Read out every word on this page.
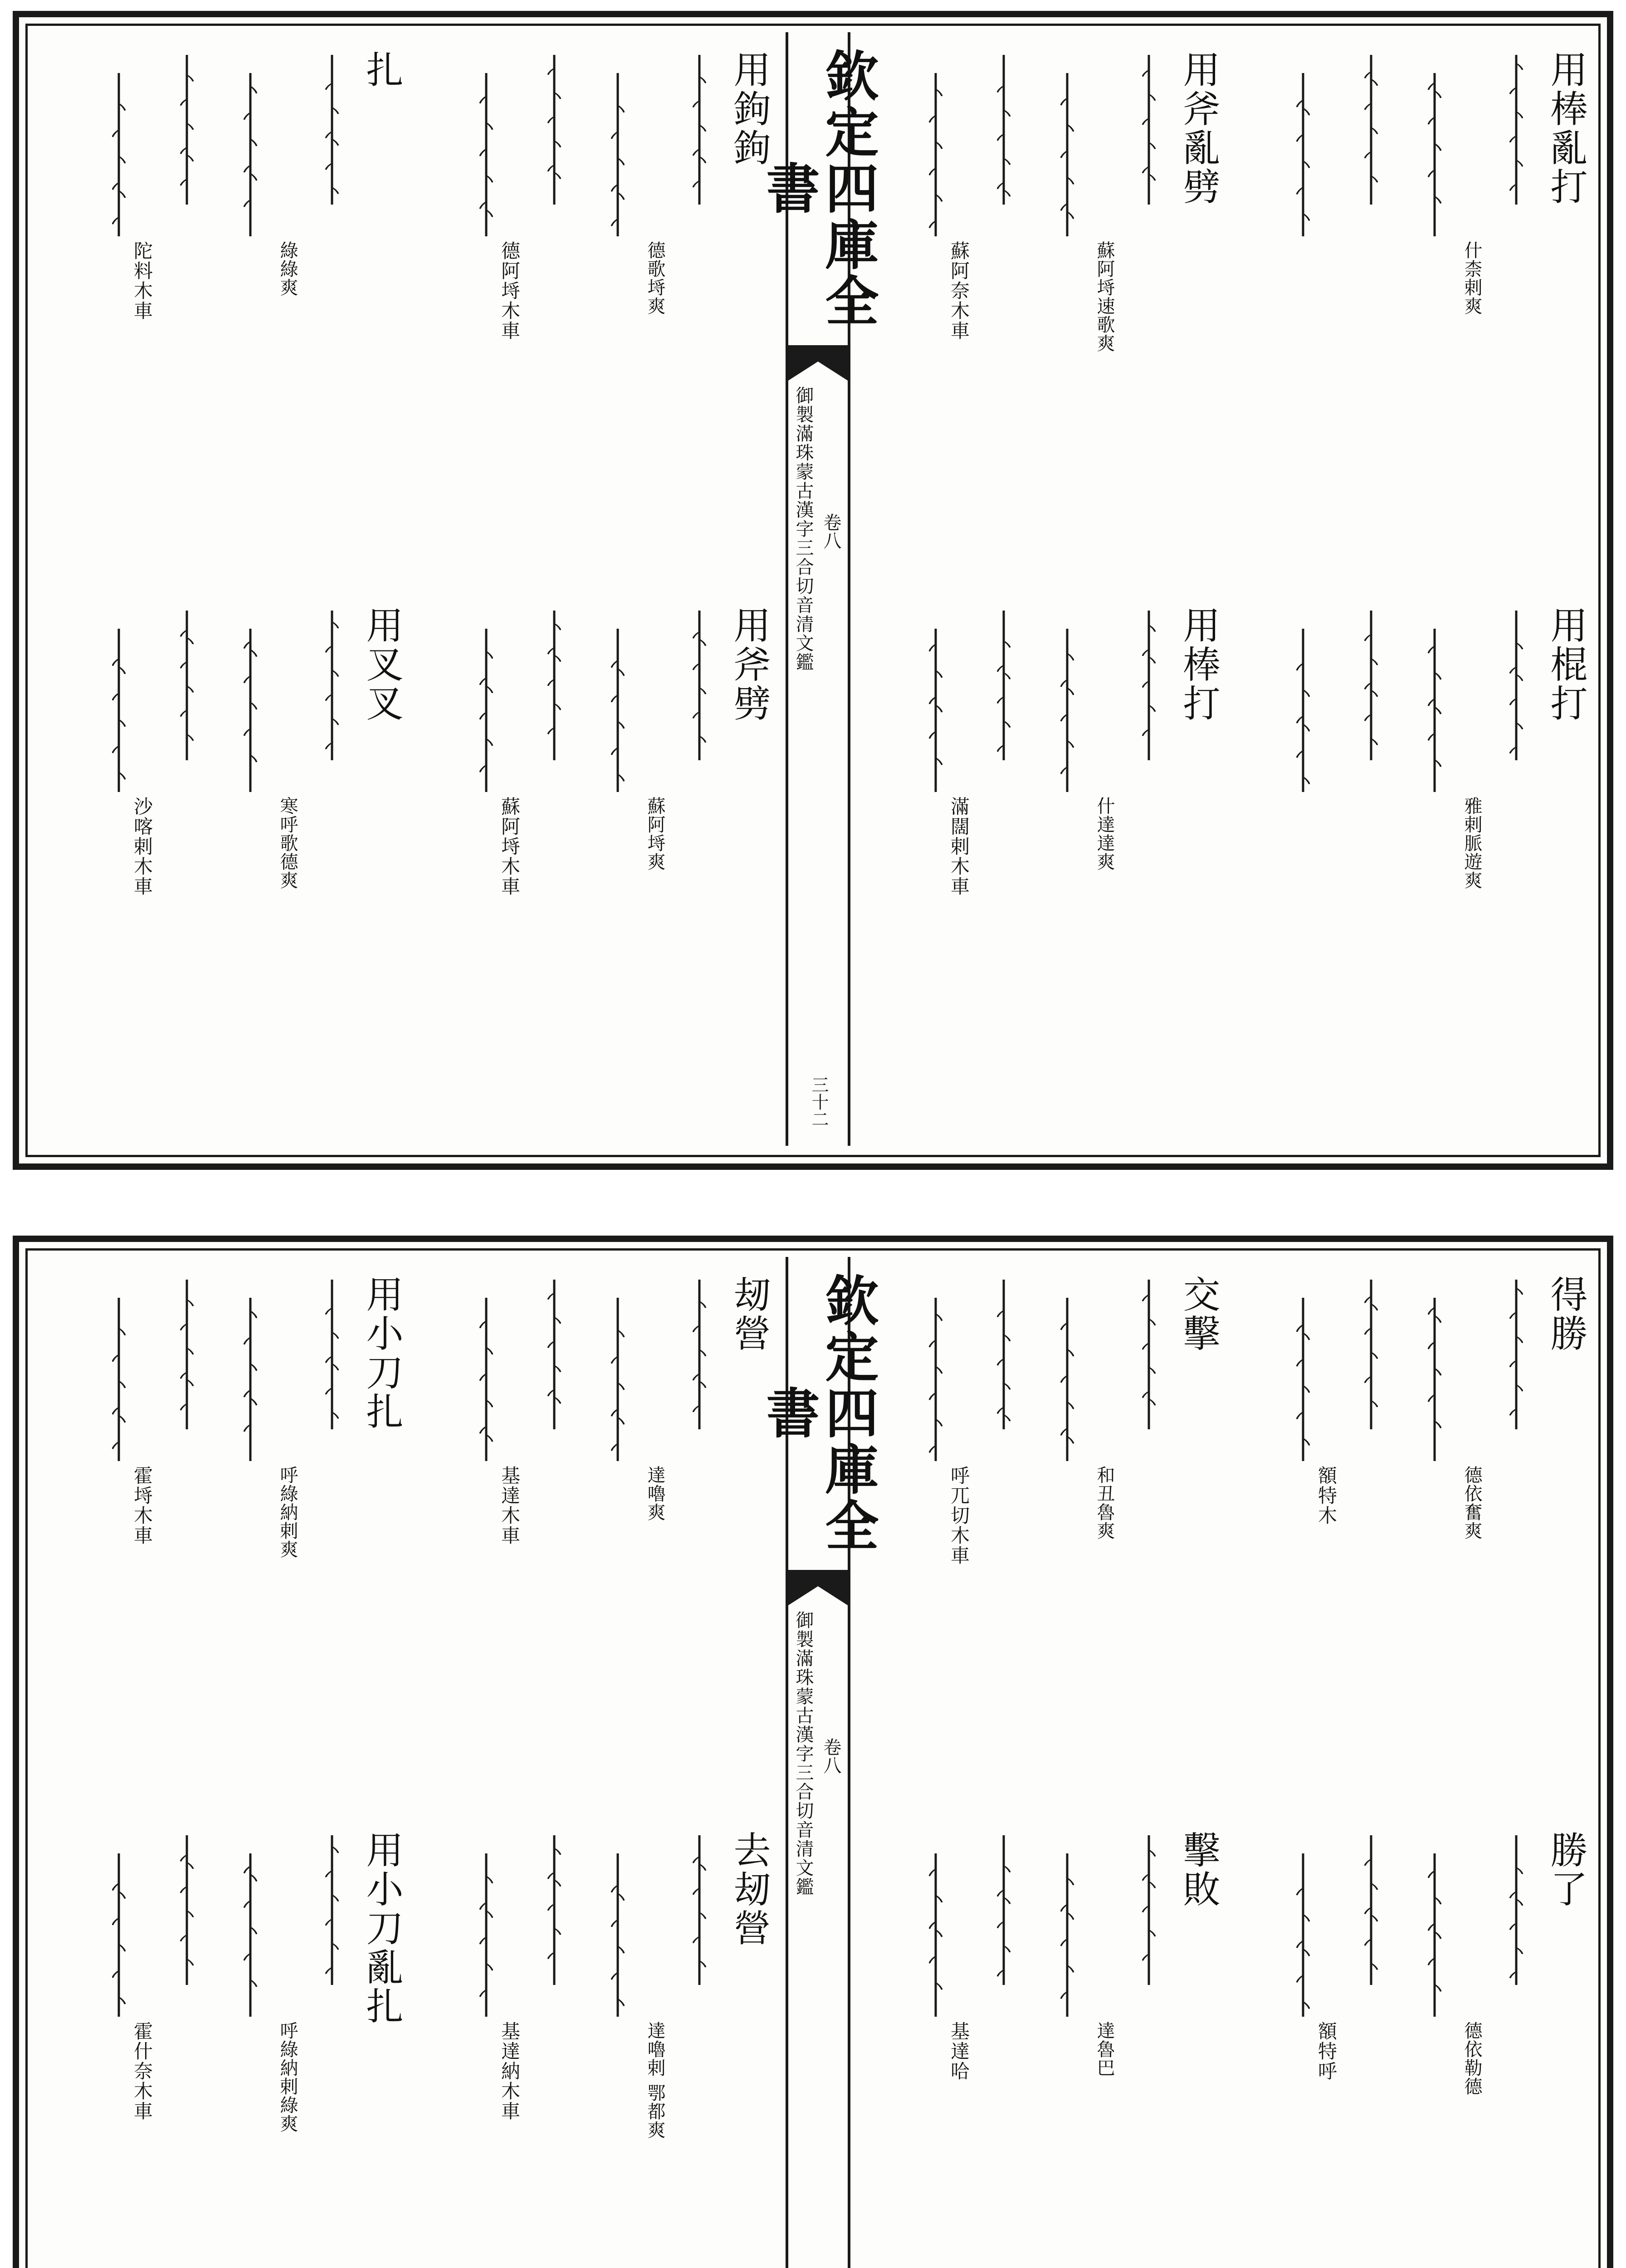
用棒亂打
什柰剌爽
用斧亂劈
蘇阿埓速歌爽
蘇阿奈木車
用棍打
雅剌脈遊爽
用棒打
什達達爽
滿闊剌木車
欽定四庫全書
御製滿珠蒙古漢字三合切音清文鑑 卷八
三十二
用鉤鉤
德歌埓爽
德阿埓木車
扎
綠綠爽
陀料木車
用斧劈
蘇阿埓爽
蘇阿埓木車
用叉叉
寒呼歌德爽
沙喀剌木車
得勝
德依奮爽
額特木
交擊
和丑魯爽
呼兀切木車
勝了
德依勒德
額特呼
擊敗
達魯巴
基達哈
欽定四庫全書
御製滿珠蒙古漢字三合切音清文鑑 卷八
刼營
達嚕爽
基達木車
用小刀扎
呼綠納剌爽
霍埓木車
去刼營
達嚕剌 鄂都爽
基達納木車
用小刀亂扎
呼綠納剌綠爽
霍什奈木車
